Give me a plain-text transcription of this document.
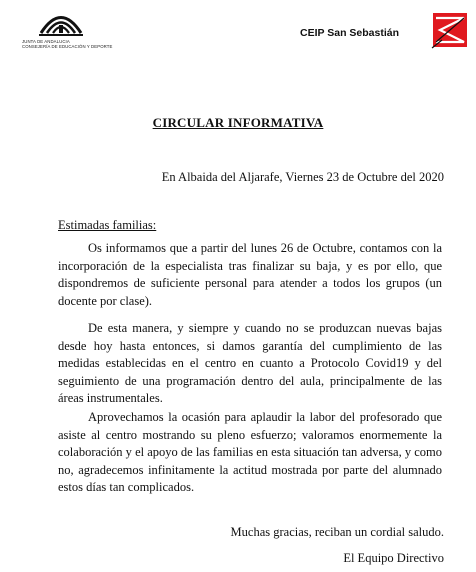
JUNTA DE ANDALUCIA
CONSEJERÍA DE EDUCACIÓN Y DEPORTE
CEIP San Sebastián
CIRCULAR INFORMATIVA
En Albaida del Aljarafe, Viernes 23 de Octubre del 2020
Estimadas familias:

Os informamos que a partir del lunes 26 de Octubre, contamos con la incorporación de la especialista tras finalizar su baja, y es por ello, que dispondremos de suficiente personal para atender a todos los grupos (un docente por clase).

De esta manera, y siempre y cuando no se produzcan nuevas bajas desde hoy hasta entonces, si damos garantía del cumplimiento de las medidas establecidas en el centro en cuanto a Protocolo Covid19 y del seguimiento de una programación dentro del aula, principalmente de las áreas instrumentales.

Aprovechamos la ocasión para aplaudir la labor del profesorado que asiste al centro mostrando su pleno esfuerzo; valoramos enormemente la colaboración y el apoyo de las familias en esta situación tan adversa, y como no, agradecemos infinitamente la actitud mostrada por parte del alumnado estos días tan complicados.

Muchas gracias, reciban un cordial saludo.
El Equipo Directivo
